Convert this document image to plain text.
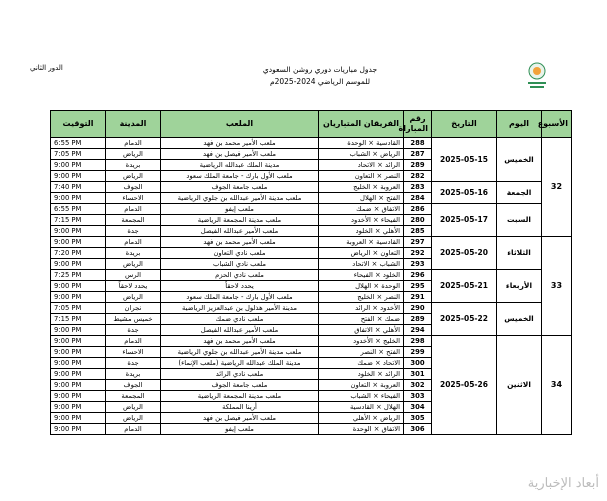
الدور الثاني	جدول مباريات دوري روشن السعودي
للموسم الرياضي 2024-2025م
الأسبوع	اليوم	التاريخ	رقم المباراة	الفريقان المتباريان	الملعب	المدينة	التوقيت
32	الخميس	2025-05-15	288	القادسية × الوحدة	ملعب الأمير محمد بن فهد	الدمام	6:55 PM
			287	الرياض × الشباب	ملعب الأمير فيصل بن فهد	الرياض	7:05 PM
			289	الرائد × الاتحاد	مدينة الملك عبدالله الرياضية	بريدة	9:00 PM
			282	النصر × التعاون	ملعب الأول بارك - جامعة الملك سعود	الرياض	9:00 PM
	الجمعة	2025-05-16	283	العروبة × الخليج	ملعب جامعة الجوف	الجوف	7:40 PM
			284	الفتح × الهلال	ملعب مدينة الأمير عبدالله بن جلوي الرياضية	الاحساء	9:00 PM
	السبت	2025-05-17	286	الاتفاق × ضمك	ملعب إيفو	الدمام	6:55 PM
			280	الفيحاء × الأخدود	ملعب مدينة المجمعة الرياضية	المجمعة	7:15 PM
			285	الأهلي × الخلود	ملعب الأمير عبدالله الفيصل	جدة	9:00 PM
33	الثلاثاء	2025-05-20	297	القادسية × العروبة	ملعب الأمير محمد بن فهد	الدمام	9:00 PM
			292	التعاون × الرياض	ملعب نادي التعاون	بريدة	7:20 PM
			293	الشباب × الاتحاد	ملعب نادي الشباب	الرياض	9:00 PM
	الأربعاء	2025-05-21	296	الخلود × الفيحاء	ملعب نادي الحزم	الرس	7:25 PM
			295	الوحدة × الهلال	يحدد لاحقاً	يحدد لاحقاً	9:00 PM
			291	النصر × الخليج	ملعب الأول بارك - جامعة الملك سعود	الرياض	9:00 PM
	الخميس	2025-05-22	290	الأخدود × الرائد	مدينة الأمير هذلول بن عبدالعزيز الرياضية	نجران	7:05 PM
			289	ضمك × الفتح	ملعب نادي ضمك	خميس مشيط	7:15 PM
			294	الأهلي × الاتفاق	ملعب الأمير عبدالله الفيصل	جدة	9:00 PM
34	الاثنين	2025-05-26	298	الخليج × الأخدود	ملعب الأمير محمد بن فهد	الدمام	9:00 PM
			299	الفتح × النصر	ملعب مدينة الأمير عبدالله بن جلوي الرياضية	الاحساء	9:00 PM
			300	الاتحاد × ضمك	مدينة الملك عبدالله الرياضية (ملعب الإنماء)	جدة	9:00 PM
			301	الرائد × الخلود	ملعب نادي الرائد	بريدة	9:00 PM
			302	العروبة × التعاون	ملعب جامعة الجوف	الجوف	9:00 PM
			303	الفيحاء × الشباب	ملعب مدينة المجمعة الرياضية	المجمعة	9:00 PM
			304	الهلال × القادسية	أرينا المملكة	الرياض	9:00 PM
			305	الرياض × الأهلي	ملعب الأمير فيصل بن فهد	الرياض	9:00 PM
			306	الاتفاق × الوحدة	ملعب إيفو	الدمام	9:00 PM
أبعاد الإخبارية
